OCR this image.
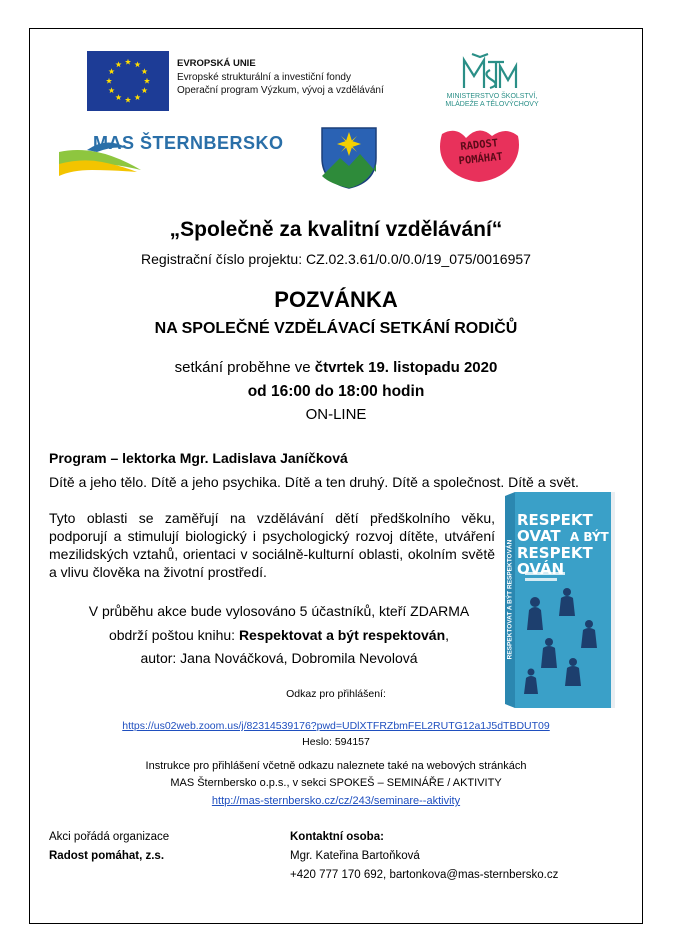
EVROPSKÁ UNIE
Evropské strukturální a investiční fondy
Operační program Výzkum, vývoj a vzdělávání
MINISTERSTVO ŠKOLSTVÍ,
MLÁDEŽE A TĚLOVÝCHOVY
MAS ŠTERNBERSKO	RADOST POMÁHAT
„Společně za kvalitní vzdělávání“
Registrační číslo projektu: CZ.02.3.61/0.0/0.0/19_075/0016957
POZVÁNKA
NA SPOLEČNÉ VZDĚLÁVACÍ SETKÁNÍ RODIČŮ
setkání proběhne ve čtvrtek 19. listopadu 2020
od 16:00 do 18:00 hodin
ON-LINE
Program – lektorka Mgr. Ladislava Janíčková
Dítě a jeho tělo. Dítě a jeho psychika. Dítě a ten druhý. Dítě a společnost. Dítě a svět.
Tyto oblasti se zaměřují na vzdělávání dětí předškolního věku, podporují a stimulují biologický i psychologický rozvoj dítěte, utváření mezilidských vztahů, orientaci v sociálně-kulturní oblasti, okolním světě a vlivu člověka na životní prostředí.
V průběhu akce bude vylosováno 5 účastníků, kteří ZDARMA
obdrží poštou knihu: Respektovat a být respektován,
autor: Jana Nováčková, Dobromila Nevolová
RESPEKT
OVAT A BÝT
RESPEKT
OVÁN
RESPEKTOVAT A BÝT RESPEKTOVÁN
Odkaz pro přihlášení:
https://us02web.zoom.us/j/82314539176?pwd=UDlXTFRZbmFEL2RUTG12a1J5dTBDUT09
Heslo: 594157
Instrukce pro přihlášení včetně odkazu naleznete také na webových stránkách
MAS Šternbersko o.p.s., v sekci SPOKEŠ – SEMINÁŘE / AKTIVITY
http://mas-sternbersko.cz/cz/243/seminare--aktivity
Akci pořádá organizace
Radost pomáhat, z.s.
Kontaktní osoba:
Mgr. Kateřina Bartoňková
+420 777 170 692, bartonkova@mas-sternbersko.cz
